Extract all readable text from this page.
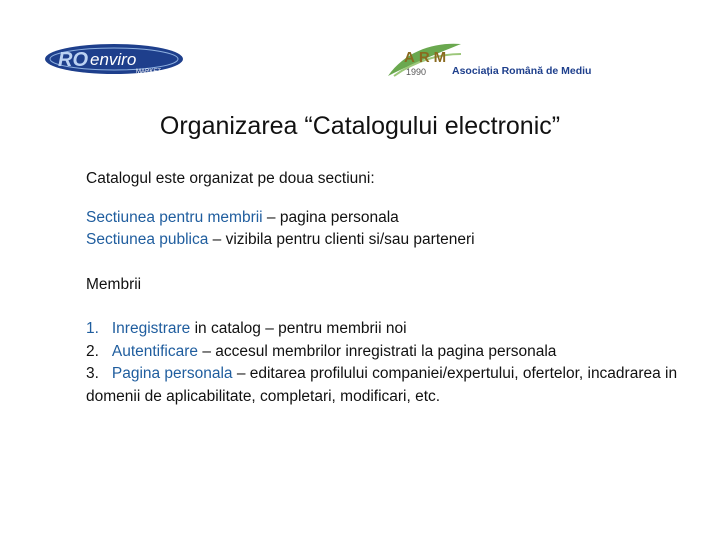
RO enviro
MARKET
ARM
1990 Asociația Română de Mediu
Organizarea “Catalogului electronic”

Catalogul este organizat pe doua sectiuni:

Sectiunea pentru membrii – pagina personala

Sectiunea publica – vizibila pentru clienti si/sau parteneri

Membrii

1. Inregistrare in catalog – pentru membrii noi

2. Autentificare – accesul membrilor inregistrati la pagina personala

3. Pagina personala – editarea profilului companiei/expertului, ofertelor, incadrarea in domenii de aplicabilitate, completari, modificari, etc.
